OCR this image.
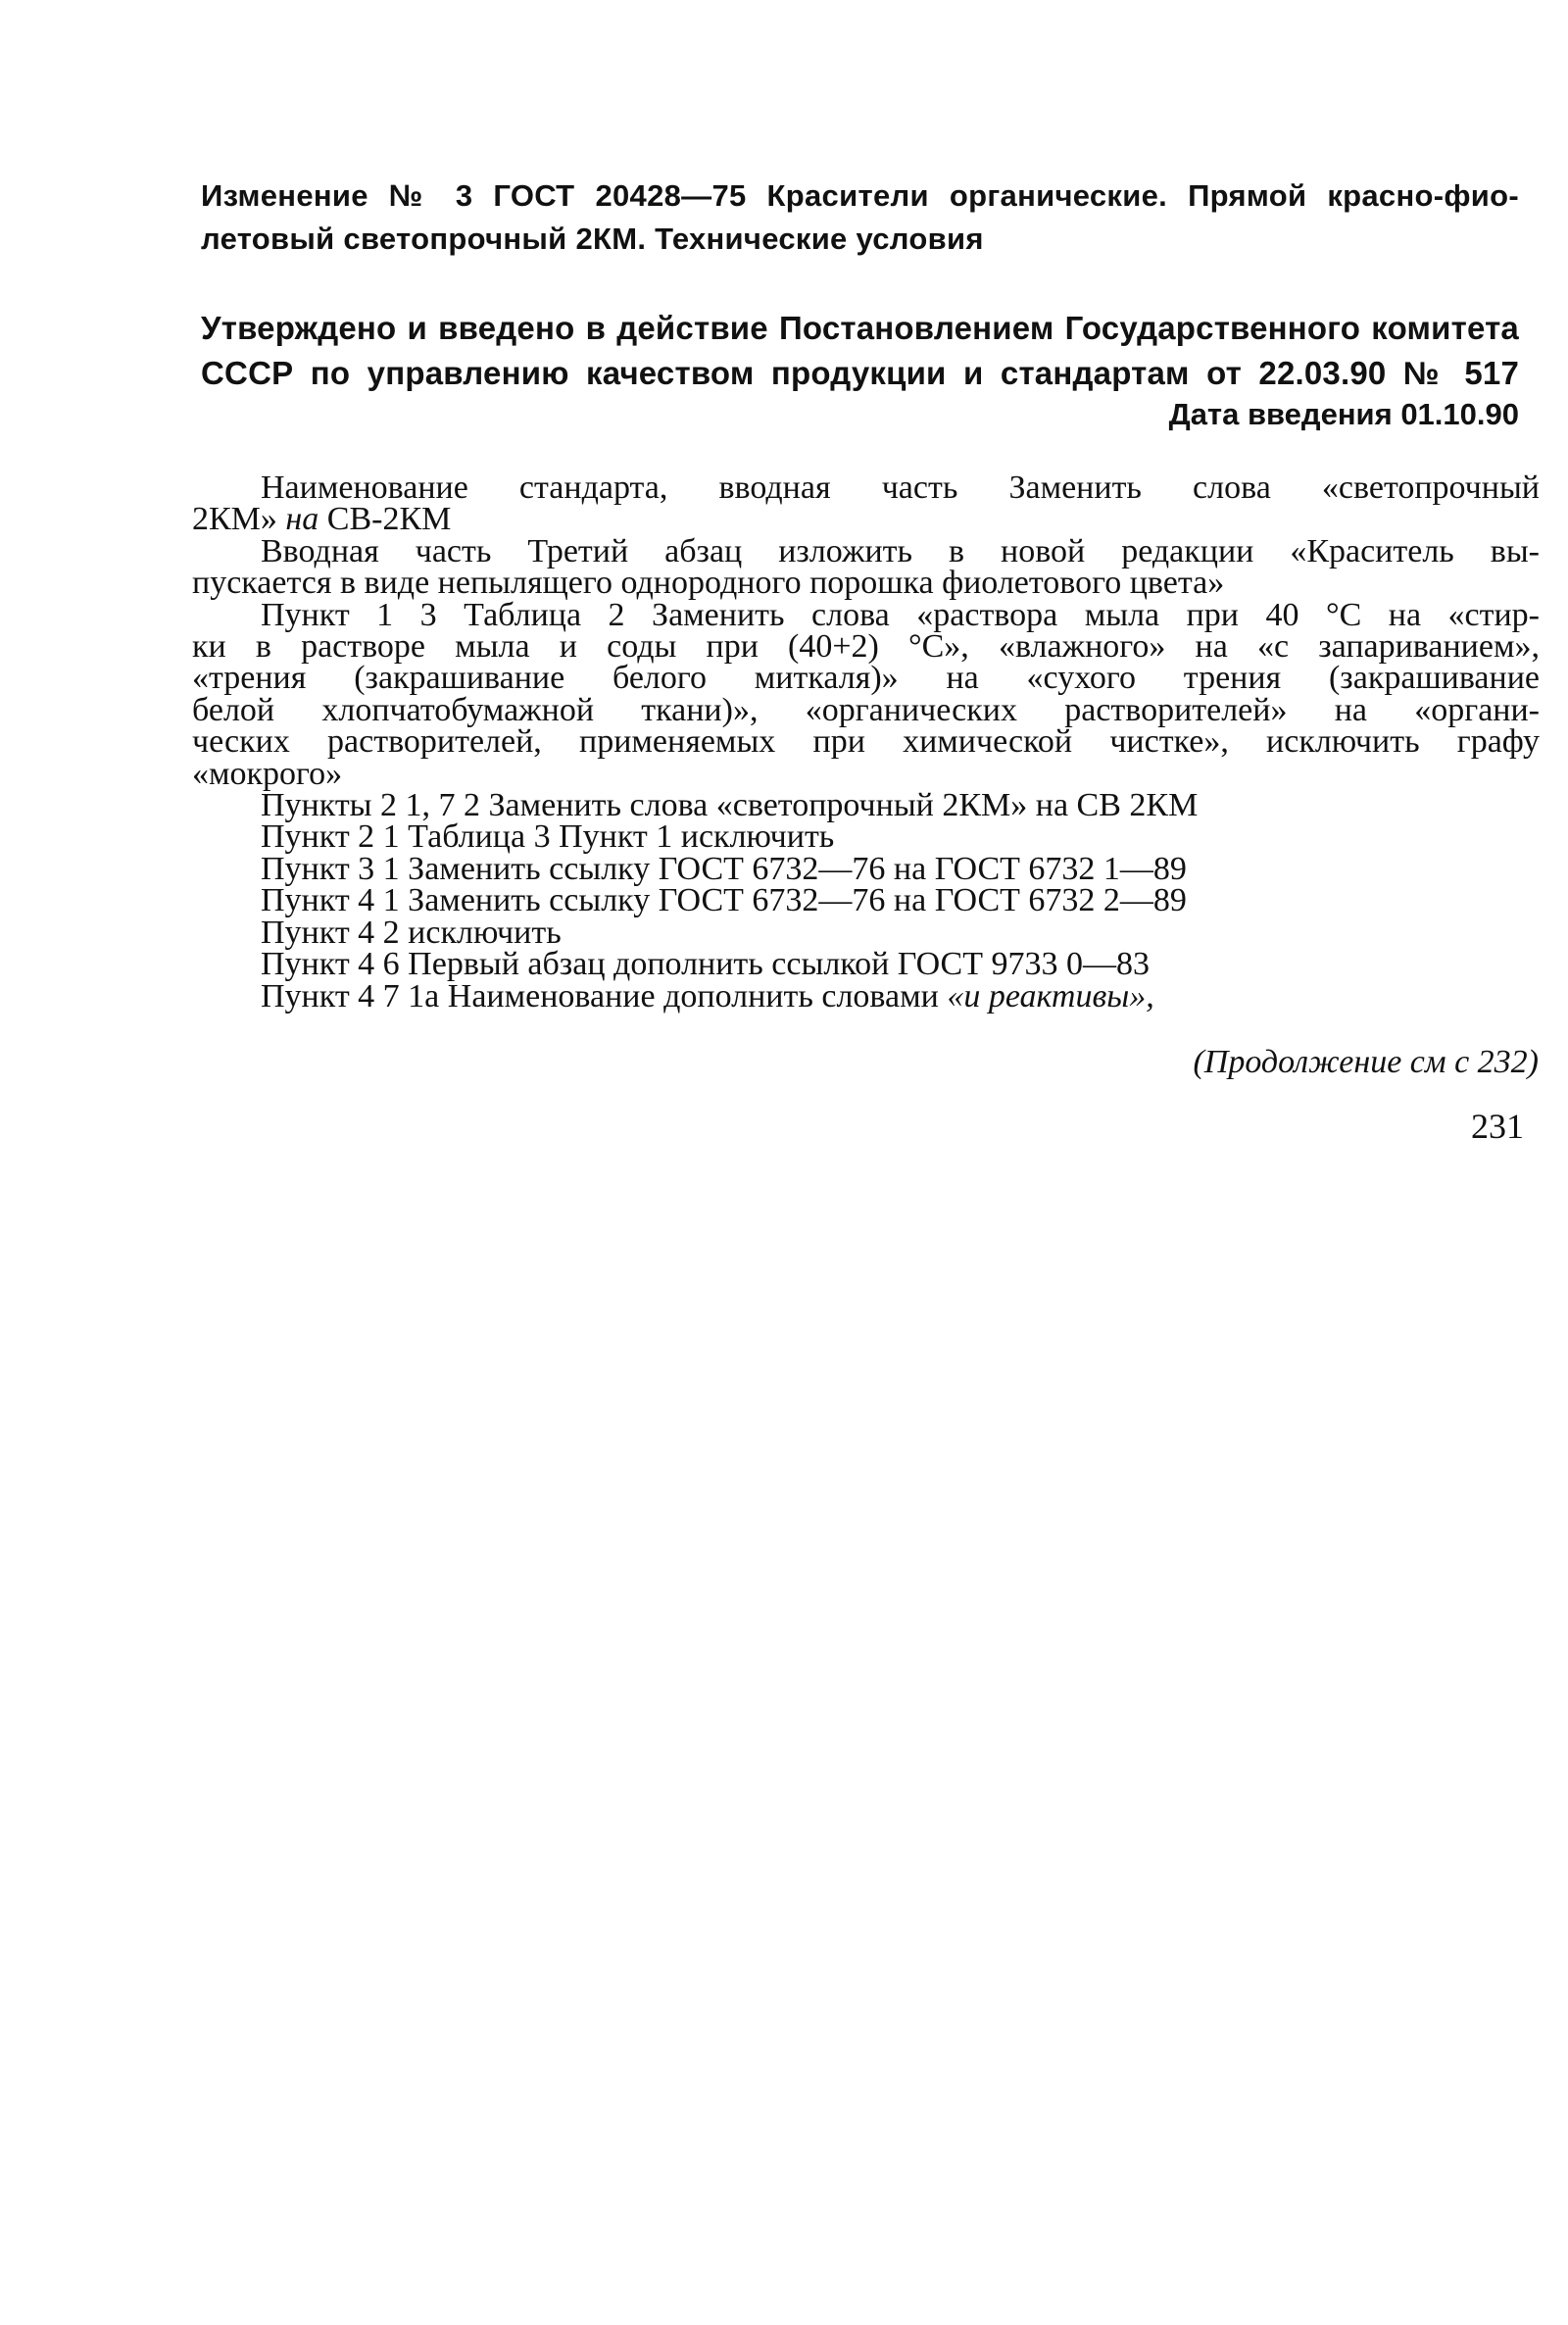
Изменение № 3 ГОСТ 20428—75 Красители органические. Прямой красно-фио-
летовый светопрочный 2КМ. Технические условия
Утверждено и введено в действие Постановлением Государственного комитета
СССР по управлению качеством продукции и стандартам от 22.03.90 № 517
Дата введения 01.10.90
Наименование стандарта, вводная часть Заменить слова «светопрочный
2КМ» на СВ-2КМ
Вводная часть Третий абзац изложить в новой редакции «Краситель вы-
пускается в виде непылящего однородного порошка фиолетового цвета»
Пункт 1 3 Таблица 2 Заменить слова «раствора мыла при 40 °С на «стир-
ки в растворе мыла и соды при (40+2) °С», «влажного» на «с запариванием»,
«трения (закрашивание белого миткаля)» на «сухого трения (закрашивание
белой хлопчатобумажной ткани)», «органических растворителей» на «органи-
ческих растворителей, применяемых при химической чистке», исключить графу
«мокрого»

Пункты 2 1, 7 2 Заменить слова «светопрочный 2КМ» на СВ 2КМ

Пункт 2 1 Таблица 3 Пункт 1 исключить

Пункт 3 1 Заменить ссылку ГОСТ 6732—76 на ГОСТ 6732 1—89

Пункт 4 1 Заменить ссылку ГОСТ 6732—76 на ГОСТ 6732 2—89

Пункт 4 2 исключить

Пункт 4 6 Первый абзац дополнить ссылкой ГОСТ 9733 0—83

Пункт 4 7 1а Наименование дополнить словами «и реактивы»,

(Продолжение см с 232)
231
